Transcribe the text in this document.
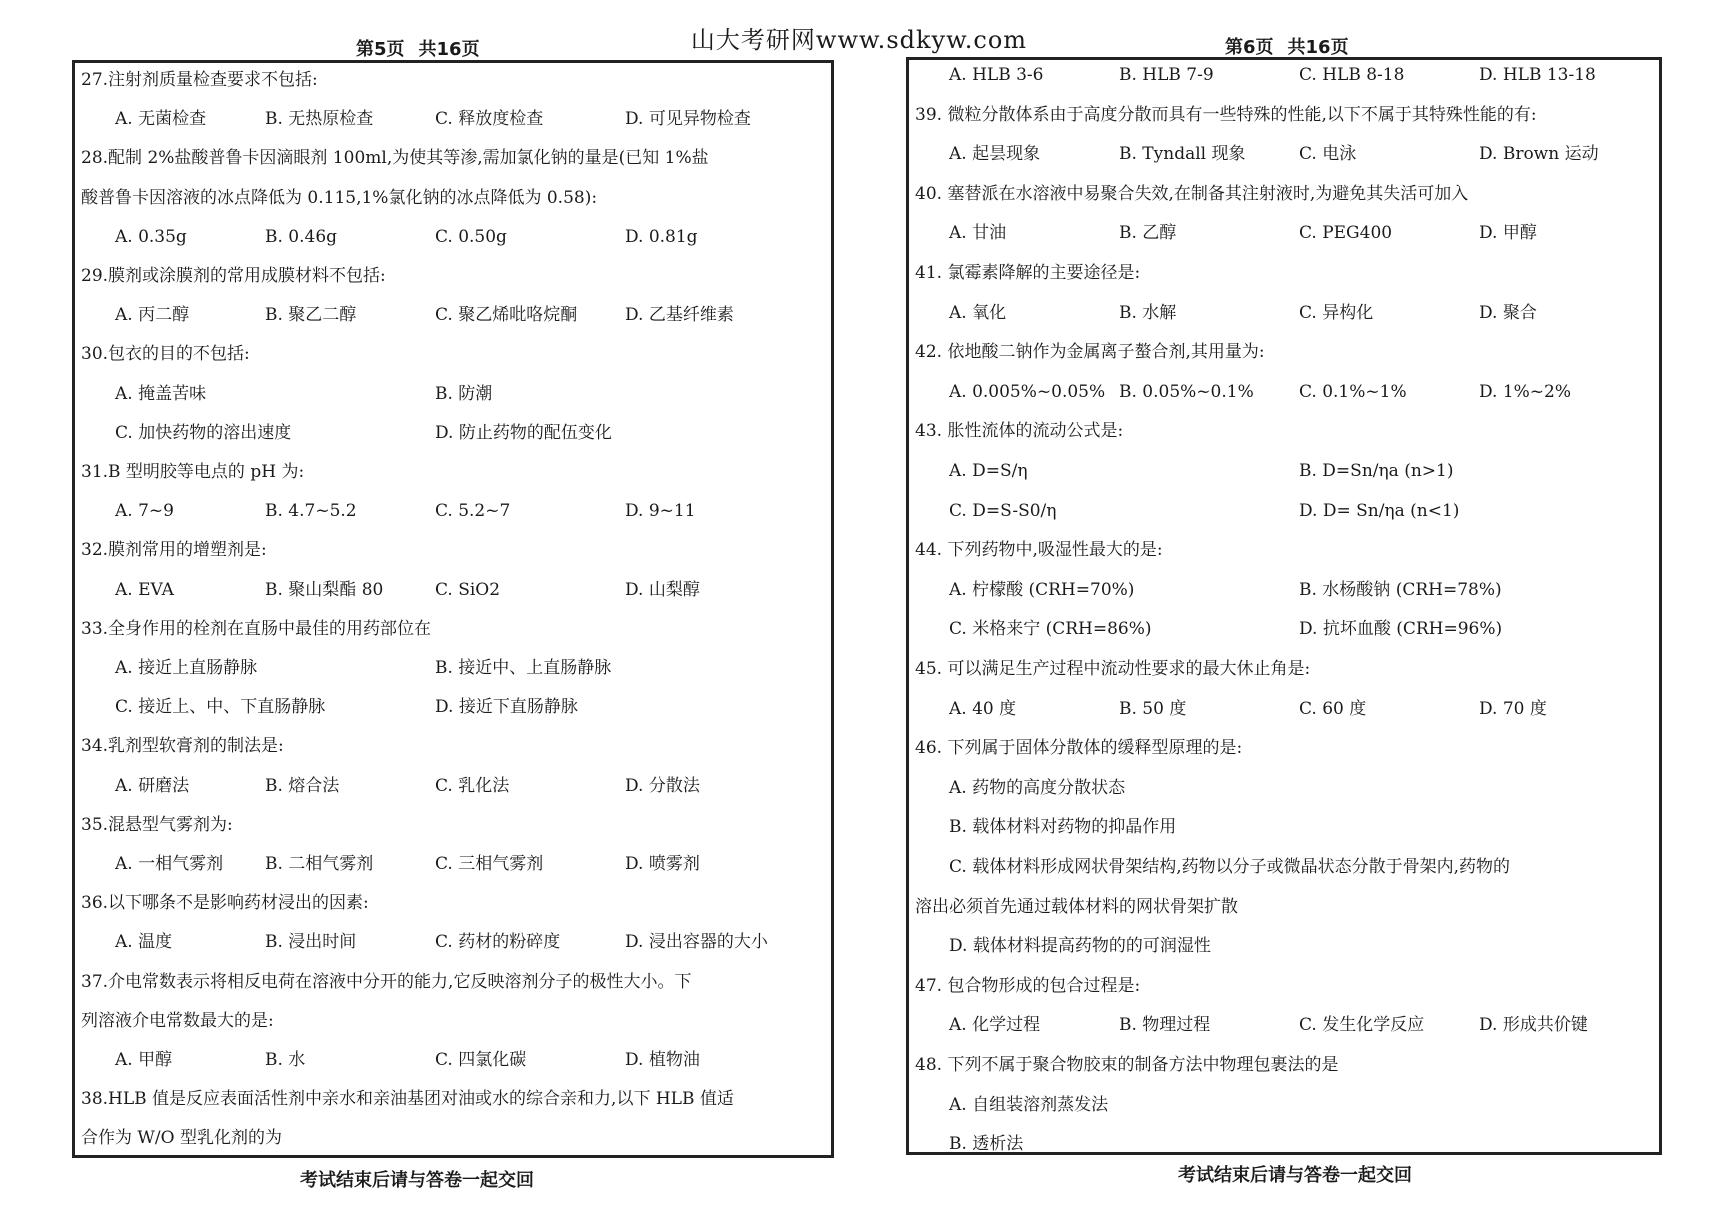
山大考研网www.sdkyw.com
第5页 共16页	第6页 共16页
27.注射剂质量检查要求不包括:
A. 无菌检查	B. 无热原检查	C. 释放度检查	D. 可见异物检查
28.配制 2%盐酸普鲁卡因滴眼剂 100ml,为使其等渗,需加氯化钠的量是(已知 1%盐
酸普鲁卡因溶液的冰点降低为 0.115,1%氯化钠的冰点降低为 0.58):
A. 0.35g	B. 0.46g	C. 0.50g	D. 0.81g
29.膜剂或涂膜剂的常用成膜材料不包括:
A. 丙二醇	B. 聚乙二醇	C. 聚乙烯吡咯烷酮	D. 乙基纤维素
30.包衣的目的不包括:
A. 掩盖苦味	B. 防潮
C. 加快药物的溶出速度	D. 防止药物的配伍变化
31.B 型明胶等电点的 pH 为:
A. 7~9	B. 4.7~5.2	C. 5.2~7	D. 9~11
32.膜剂常用的增塑剂是:
A. EVA	B. 聚山梨酯 80	C. SiO2	D. 山梨醇
33.全身作用的栓剂在直肠中最佳的用药部位在
A. 接近上直肠静脉	B. 接近中、上直肠静脉
C. 接近上、中、下直肠静脉	D. 接近下直肠静脉
34.乳剂型软膏剂的制法是:
A. 研磨法	B. 熔合法	C. 乳化法	D. 分散法
35.混悬型气雾剂为:
A. 一相气雾剂 B. 二相气雾剂	C. 三相气雾剂	D. 喷雾剂
36.以下哪条不是影响药材浸出的因素:
A. 温度	B. 浸出时间	C. 药材的粉碎度	D. 浸出容器的大小
37.介电常数表示将相反电荷在溶液中分开的能力,它反映溶剂分子的极性大小。下
列溶液介电常数最大的是:
A. 甲醇	B. 水	C. 四氯化碳	D. 植物油
38.HLB 值是反应表面活性剂中亲水和亲油基团对油或水的综合亲和力,以下 HLB 值适
合作为 W/O 型乳化剂的为
A. HLB 3-6	B. HLB 7-9	C. HLB 8-18	D. HLB 13-18
39. 微粒分散体系由于高度分散而具有一些特殊的性能,以下不属于其特殊性能的有:
A. 起昙现象	B. Tyndall 现象	C. 电泳	D. Brown 运动
40. 塞替派在水溶液中易聚合失效,在制备其注射液时,为避免其失活可加入
A. 甘油	B. 乙醇	C. PEG400	D. 甲醇
41. 氯霉素降解的主要途径是:
A. 氧化	B. 水解	C. 异构化	D. 聚合
42. 依地酸二钠作为金属离子螯合剂,其用量为:
A. 0.005%~0.05% B. 0.05%~0.1%	C. 0.1%~1%	D. 1%~2%
43. 胀性流体的流动公式是:
A. D=S/η	B. D=Sn/ηa (n>1)
C. D=S-S0/η	D. D= Sn/ηa (n<1)
44. 下列药物中,吸湿性最大的是:
A. 柠檬酸 (CRH=70%)	B. 水杨酸钠 (CRH=78%)
C. 米格来宁 (CRH=86%)	D. 抗坏血酸 (CRH=96%)
45. 可以满足生产过程中流动性要求的最大休止角是:
A. 40 度	B. 50 度	C. 60 度	D. 70 度
46. 下列属于固体分散体的缓释型原理的是:
A. 药物的高度分散状态
B. 载体材料对药物的抑晶作用
C. 载体材料形成网状骨架结构,药物以分子或微晶状态分散于骨架内,药物的
溶出必须首先通过载体材料的网状骨架扩散
D. 载体材料提高药物的的可润湿性
47. 包合物形成的包合过程是:
A. 化学过程	B. 物理过程	C. 发生化学反应	D. 形成共价键
48. 下列不属于聚合物胶束的制备方法中物理包裹法的是
A. 自组装溶剂蒸发法
B. 透析法
考试结束后请与答卷一起交回	考试结束后请与答卷一起交回
